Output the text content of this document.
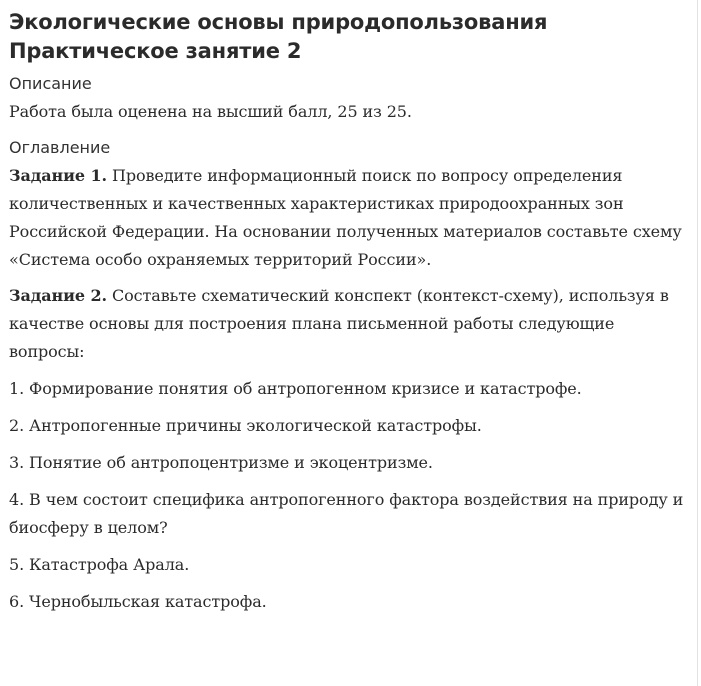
Экологические основы природопользования
Практическое занятие 2

Описание

Работа была оценена на высший балл, 25 из 25.

Оглавление

Задание 1. Проведите информационный поиск по вопросу определения количественных и качественных характеристиках природоохранных зон Российской Федерации. На основании полученных материалов составьте схему «Система особо охраняемых территорий России».

Задание 2. Составьте схематический конспект (контекст-схему), используя в качестве основы для построения плана письменной работы следующие вопросы:

1. Формирование понятия об антропогенном кризисе и катастрофе.

2. Антропогенные причины экологической катастрофы.

3. Понятие об антропоцентризме и экоцентризме.

4. В чем состоит специфика антропогенного фактора воздействия на природу и биосферу в целом?

5. Катастрофа Арала.

6. Чернобыльская катастрофа.
